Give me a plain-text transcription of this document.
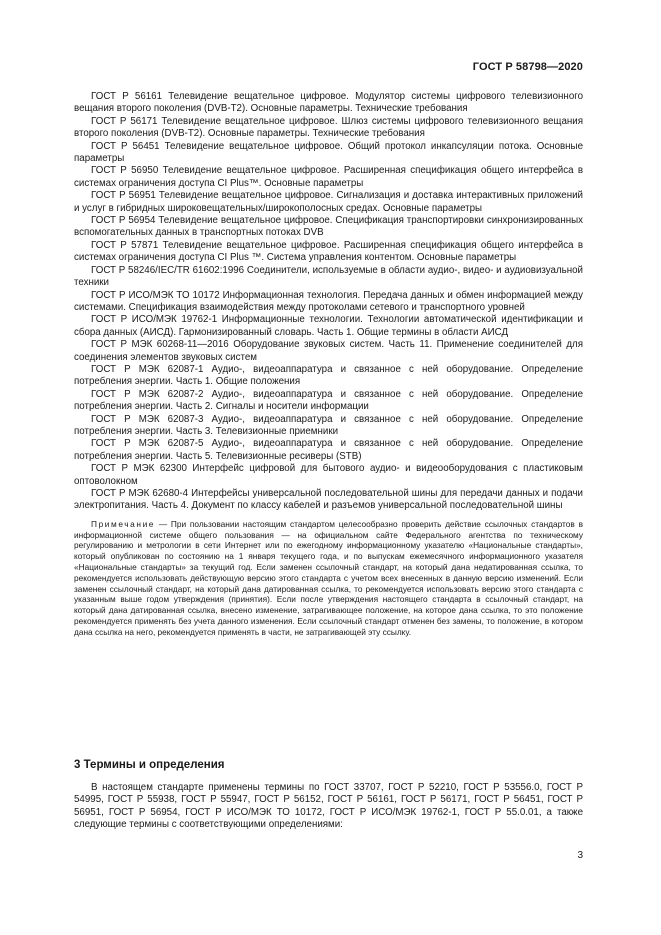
ГОСТ Р 58798—2020

ГОСТ Р 56161 Телевидение вещательное цифровое. Модулятор системы цифрового телевизионного вещания второго поколения (DVB-T2). Основные параметры. Технические требования

ГОСТ Р 56171 Телевидение вещательное цифровое. Шлюз системы цифрового телевизионного вещания второго поколения (DVB-T2). Основные параметры. Технические требования

ГОСТ Р 56451 Телевидение вещательное цифровое. Общий протокол инкапсуляции потока. Основные параметры

ГОСТ Р 56950 Телевидение вещательное цифровое. Расширенная спецификация общего интерфейса в системах ограничения доступа CI Plus™. Основные параметры

ГОСТ Р 56951 Телевидение вещательное цифровое. Сигнализация и доставка интерактивных приложений и услуг в гибридных широковещательных/широкополосных средах. Основные параметры

ГОСТ Р 56954 Телевидение вещательное цифровое. Спецификация транспортировки синхронизированных вспомогательных данных в транспортных потоках DVB

ГОСТ Р 57871 Телевидение вещательное цифровое. Расширенная спецификация общего интерфейса в системах ограничения доступа CI Plus ™. Система управления контентом. Основные параметры

ГОСТ Р 58246/IEC/TR 61602:1996 Соединители, используемые в области аудио-, видео- и аудиовизуальной техники

ГОСТ Р ИСО/МЭК ТО 10172 Информационная технология. Передача данных и обмен информацией между системами. Спецификация взаимодействия между протоколами сетевого и транспортного уровней

ГОСТ Р ИСО/МЭК 19762-1 Информационные технологии. Технологии автоматической идентификации и сбора данных (АИСД). Гармонизированный словарь. Часть 1. Общие термины в области АИСД

ГОСТ Р МЭК 60268-11—2016 Оборудование звуковых систем. Часть 11. Применение соединителей для соединения элементов звуковых систем

ГОСТ Р МЭК 62087-1 Аудио-, видеоаппаратура и связанное с ней оборудование. Определение потребления энергии. Часть 1. Общие положения

ГОСТ Р МЭК 62087-2 Аудио-, видеоаппаратура и связанное с ней оборудование. Определение потребления энергии. Часть 2. Сигналы и носители информации

ГОСТ Р МЭК 62087-3 Аудио-, видеоаппаратура и связанное с ней оборудование. Определение потребления энергии. Часть 3. Телевизионные приемники

ГОСТ Р МЭК 62087-5 Аудио-, видеоаппаратура и связанное с ней оборудование. Определение потребления энергии. Часть 5. Телевизионные ресиверы (STB)

ГОСТ Р МЭК 62300 Интерфейс цифровой для бытового аудио- и видеооборудования с пластиковым оптоволокном

ГОСТ Р МЭК 62680-4 Интерфейсы универсальной последовательной шины для передачи данных и подачи электропитания. Часть 4. Документ по классу кабелей и разъемов универсальной последовательной шины

Примечание — При пользовании настоящим стандартом целесообразно проверить действие ссылочных стандартов в информационной системе общего пользования — на официальном сайте Федерального агентства по техническому регулированию и метрологии в сети Интернет или по ежегодному информационному указателю «Национальные стандарты», который опубликован по состоянию на 1 января текущего года, и по выпускам ежемесячного информационного указателя «Национальные стандарты» за текущий год. Если заменен ссылочный стандарт, на который дана недатированная ссылка, то рекомендуется использовать действующую версию этого стандарта с учетом всех внесенных в данную версию изменений. Если заменен ссылочный стандарт, на который дана датированная ссылка, то рекомендуется использовать версию этого стандарта с указанным выше годом утверждения (принятия). Если после утверждения настоящего стандарта в ссылочный стандарт, на который дана датированная ссылка, внесено изменение, затрагивающее положение, на которое дана ссылка, то это положение рекомендуется применять без учета данного изменения. Если ссылочный стандарт отменен без замены, то положение, в котором дана ссылка на него, рекомендуется применять в части, не затрагивающей эту ссылку.

3 Термины и определения

В настоящем стандарте применены термины по ГОСТ 33707, ГОСТ Р 52210, ГОСТ Р 53556.0, ГОСТ Р 54995, ГОСТ Р 55938, ГОСТ Р 55947, ГОСТ Р 56152, ГОСТ Р 56161, ГОСТ Р 56171, ГОСТ Р 56451, ГОСТ Р 56951, ГОСТ Р 56954, ГОСТ Р ИСО/МЭК ТО 10172, ГОСТ Р ИСО/МЭК 19762-1, ГОСТ Р 55.0.01, а также следующие термины с соответствующими определениями:

3
